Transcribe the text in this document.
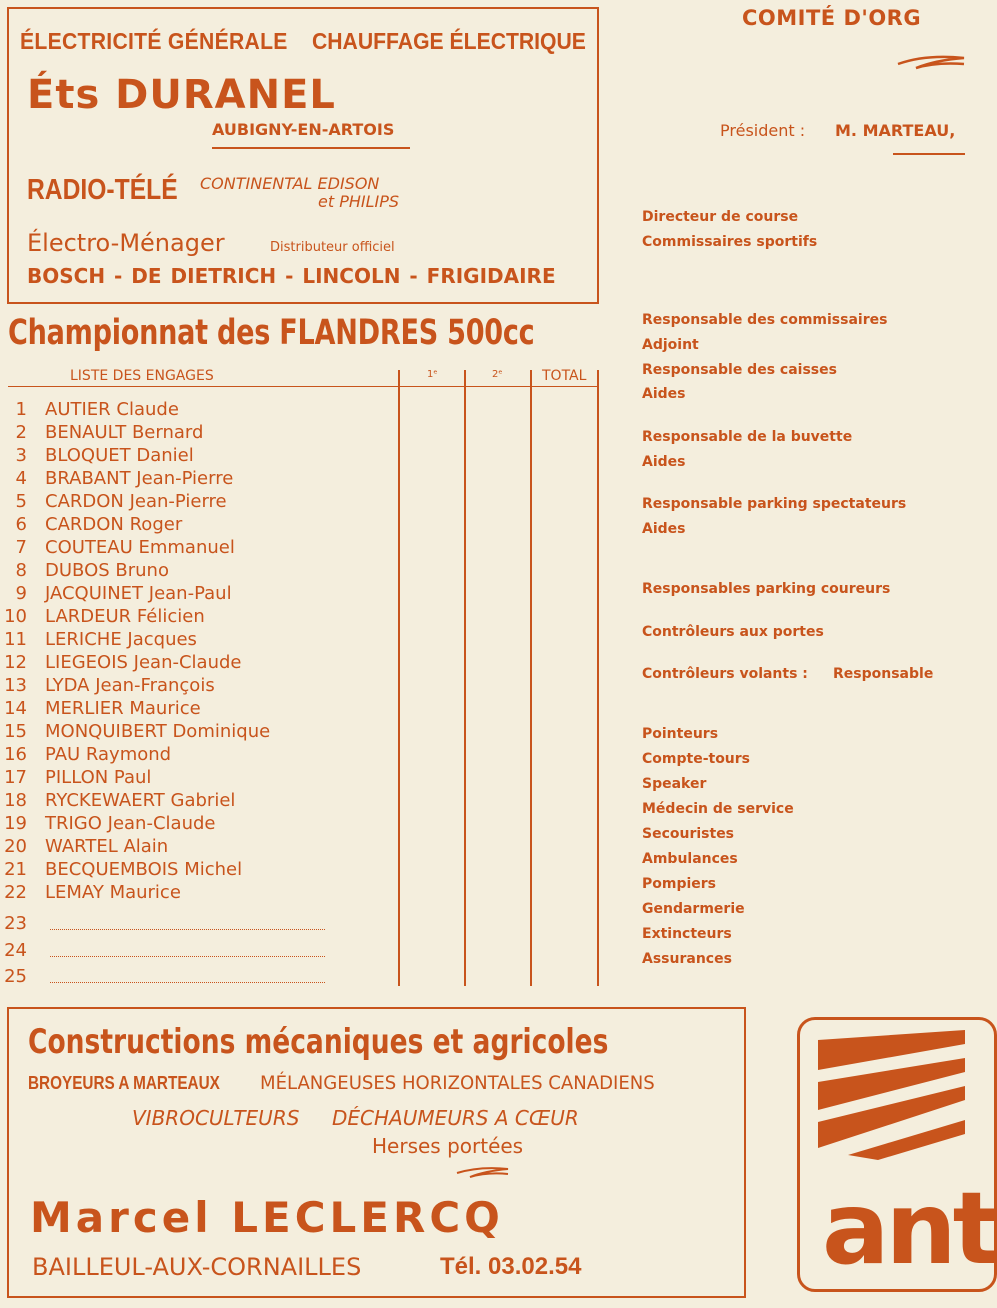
ÉLECTRICITÉ GÉNÉRALE CHAUFFAGE ÉLECTRIQUE
Éts DURANEL
AUBIGNY-EN-ARTOIS
RADIO-TÉLÉ CONTINENTAL EDISON
et PHILIPS
Électro-Ménager	Distributeur officiel
BOSCH - DE DIETRICH - LINCOLN - FRIGIDAIRE
Championnat des FLANDRES 500cc
LISTE DES ENGAGES	1ᵉ	2ᵉ	TOTAL
1 AUTIER Claude
2 BENAULT Bernard
3 BLOQUET Daniel
4 BRABANT Jean-Pierre
5 CARDON Jean-Pierre
6 CARDON Roger
7 COUTEAU Emmanuel
8 DUBOS Bruno
9 JACQUINET Jean-Paul
10 LARDEUR Félicien
11 LERICHE Jacques
12 LIEGEOIS Jean-Claude
13 LYDA Jean-François
14 MERLIER Maurice
15 MONQUIBERT Dominique
16 PAU Raymond
17 PILLON Paul
18 RYCKEWAERT Gabriel
19 TRIGO Jean-Claude
20 WARTEL Alain
21 BECQUEMBOIS Michel
22 LEMAY Maurice
23
24
25
COMITÉ D'ORG
Président : M. MARTEAU,
Directeur de course
Commissaires sportifs
Responsable des commissaires
Adjoint
Responsable des caisses
Aides
Responsable de la buvette
Aides
Responsable parking spectateurs
Aides
Responsables parking coureurs
Contrôleurs aux portes
Contrôleurs volants :
Pointeurs
Compte-tours
Speaker
Médecin de service
Secouristes
Ambulances
Pompiers
Gendarmerie
Extincteurs
Assurances
Responsable
Constructions mécaniques et agricoles
BROYEURS A MARTEAUX MÉLANGEUSES HORIZONTALES CANADIENS
VIBROCULTEURS DÉCHAUMEURS A CŒUR
Herses portées
Marcel LECLERCQ
BAILLEUL-AUX-CORNAILLES	Tél. 03.02.54 ant
